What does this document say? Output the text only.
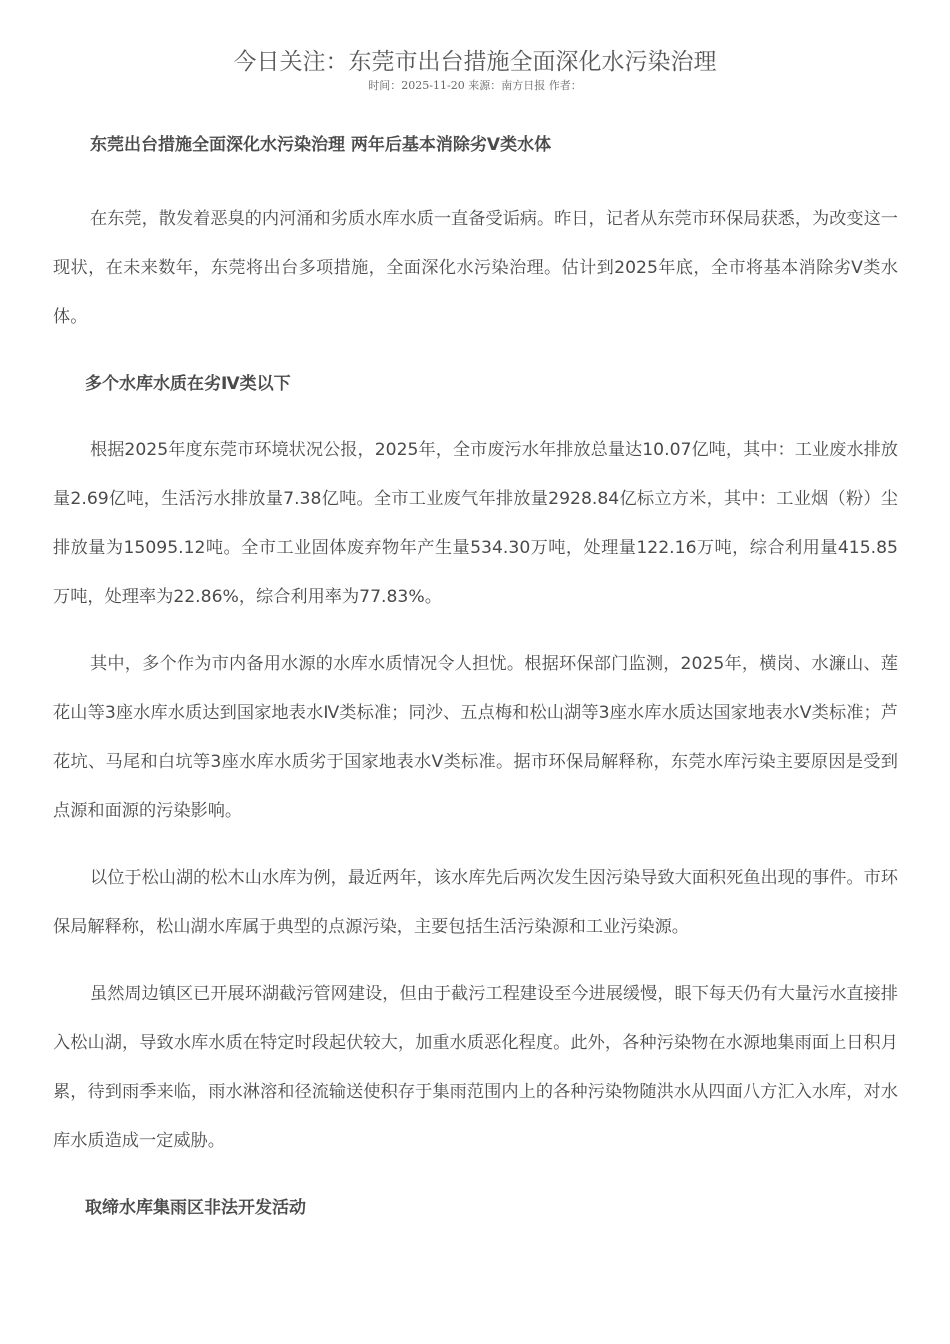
今日关注：东莞市出台措施全面深化水污染治理
时间：2025-11-20 来源：南方日报 作者：

东莞出台措施全面深化水污染治理 两年后基本消除劣Ⅴ类水体

在东莞，散发着恶臭的内河涌和劣质水库水质一直备受诟病。昨日，记者从东莞市环保局获悉，为改变这一现状，在未来数年，东莞将出台多项措施，全面深化水污染治理。估计到2025年底，全市将基本消除劣Ⅴ类水体。

多个水库水质在劣Ⅳ类以下

根据2025年度东莞市环境状况公报，2025年，全市废污水年排放总量达10.07亿吨，其中：工业废水排放量2.69亿吨，生活污水排放量7.38亿吨。全市工业废气年排放量2928.84亿标立方米，其中：工业烟（粉）尘排放量为15095.12吨。全市工业固体废弃物年产生量534.30万吨，处理量122.16万吨，综合利用量415.85万吨，处理率为22.86%，综合利用率为77.83%。

其中，多个作为市内备用水源的水库水质情况令人担忧。根据环保部门监测，2025年，横岗、水濂山、莲花山等3座水库水质达到国家地表水Ⅳ类标准；同沙、五点梅和松山湖等3座水库水质达国家地表水Ⅴ类标准；芦花坑、马尾和白坑等3座水库水质劣于国家地表水Ⅴ类标准。据市环保局解释称，东莞水库污染主要原因是受到点源和面源的污染影响。

以位于松山湖的松木山水库为例，最近两年，该水库先后两次发生因污染导致大面积死鱼出现的事件。市环保局解释称，松山湖水库属于典型的点源污染，主要包括生活污染源和工业污染源。

虽然周边镇区已开展环湖截污管网建设，但由于截污工程建设至今进展缓慢，眼下每天仍有大量污水直接排入松山湖，导致水库水质在特定时段起伏较大，加重水质恶化程度。此外，各种污染物在水源地集雨面上日积月累，待到雨季来临，雨水淋溶和径流输送使积存于集雨范围内上的各种污染物随洪水从四面八方汇入水库，对水库水质造成一定威胁。

取缔水库集雨区非法开发活动
